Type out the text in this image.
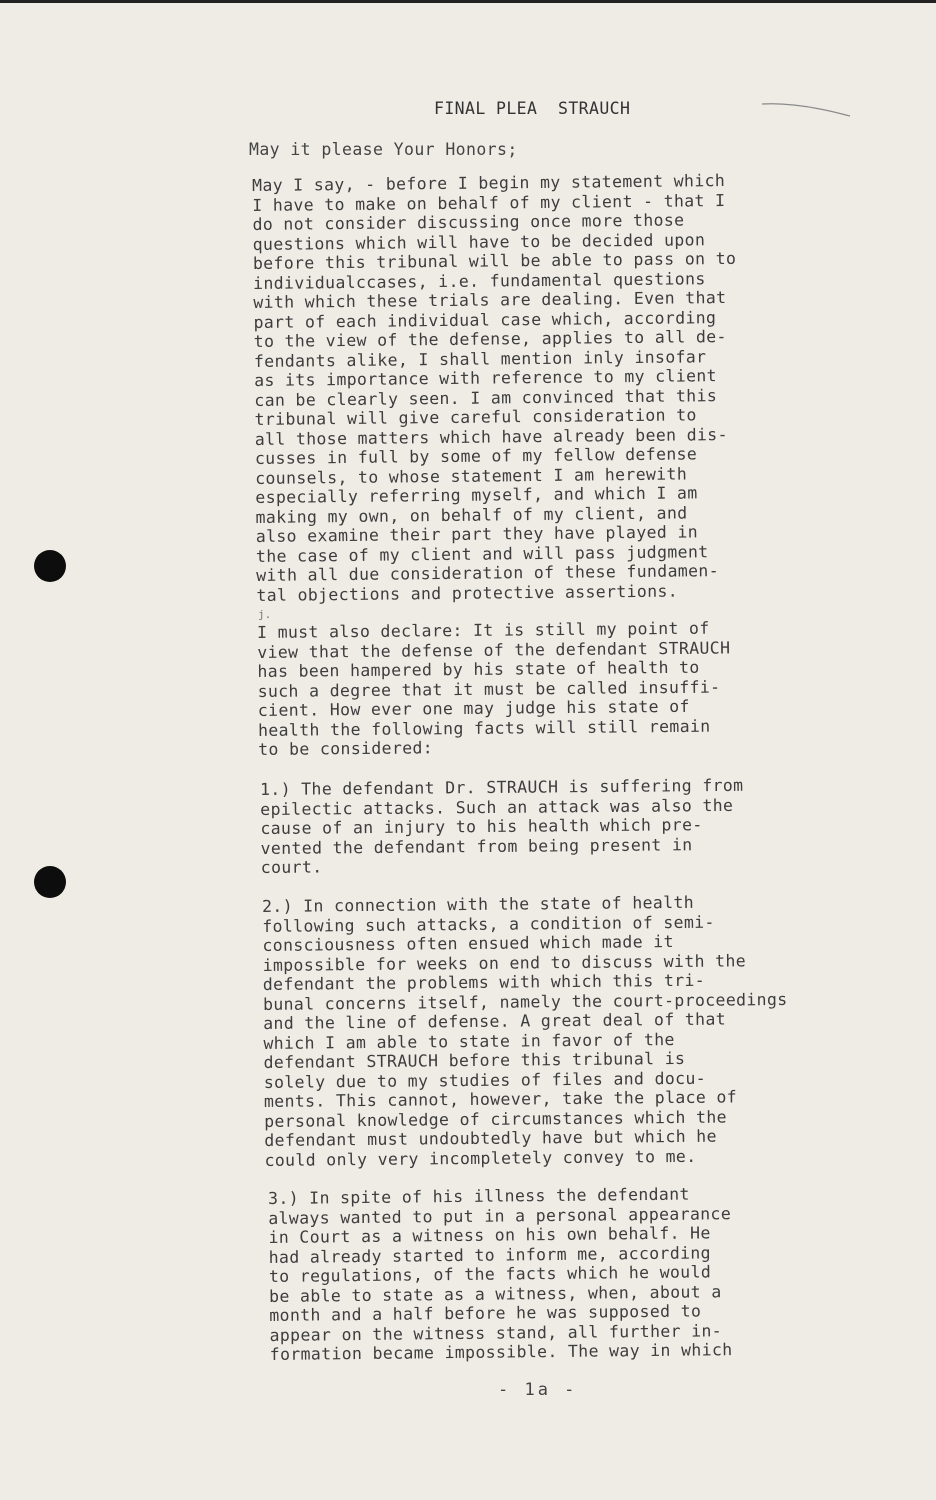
FINAL PLEA  STRAUCH
May it please Your Honors;
May I say, - before I begin my statement which
I have to make on behalf of my client - that I
do not consider discussing once more those
questions which will have to be decided upon
before this tribunal will be able to pass on to
individualccases, i.e. fundamental questions
with which these trials are dealing. Even that
part of each individual case which, according
to the view of the defense, applies to all de-
fendants alike, I shall mention inly insofar
as its importance with reference to my client
can be clearly seen. I am convinced that this
tribunal will give careful consideration to
all those matters which have already been dis-
cusses in full by some of my fellow defense
counsels, to whose statement I am herewith
especially referring myself, and which I am
making my own, on behalf of my client, and
also examine their part they have played in
the case of my client and will pass judgment
with all due consideration of these fundamen-
tal objections and protective assertions.
j.
I must also declare: It is still my point of
view that the defense of the defendant STRAUCH
has been hampered by his state of health to
such a degree that it must be called insuffi-
cient. How ever one may judge his state of
health the following facts will still remain
to be considered:
1.) The defendant Dr. STRAUCH is suffering from
epilectic attacks. Such an attack was also the
cause of an injury to his health which pre-
vented the defendant from being present in
court.
2.) In connection with the state of health
following such attacks, a condition of semi-
consciousness often ensued which made it
impossible for weeks on end to discuss with the
defendant the problems with which this tri-
bunal concerns itself, namely the court-proceedings
and the line of defense. A great deal of that
which I am able to state in favor of the
defendant STRAUCH before this tribunal is
solely due to my studies of files and docu-
ments. This cannot, however, take the place of
personal knowledge of circumstances which the
defendant must undoubtedly have but which he
could only very incompletely convey to me.
3.) In spite of his illness the defendant
always wanted to put in a personal appearance
in Court as a witness on his own behalf. He
had already started to inform me, according
to regulations, of the facts which he would
be able to state as a witness, when, about a
month and a half before he was supposed to
appear on the witness stand, all further in-
formation became impossible. The way in which
- 1a -
